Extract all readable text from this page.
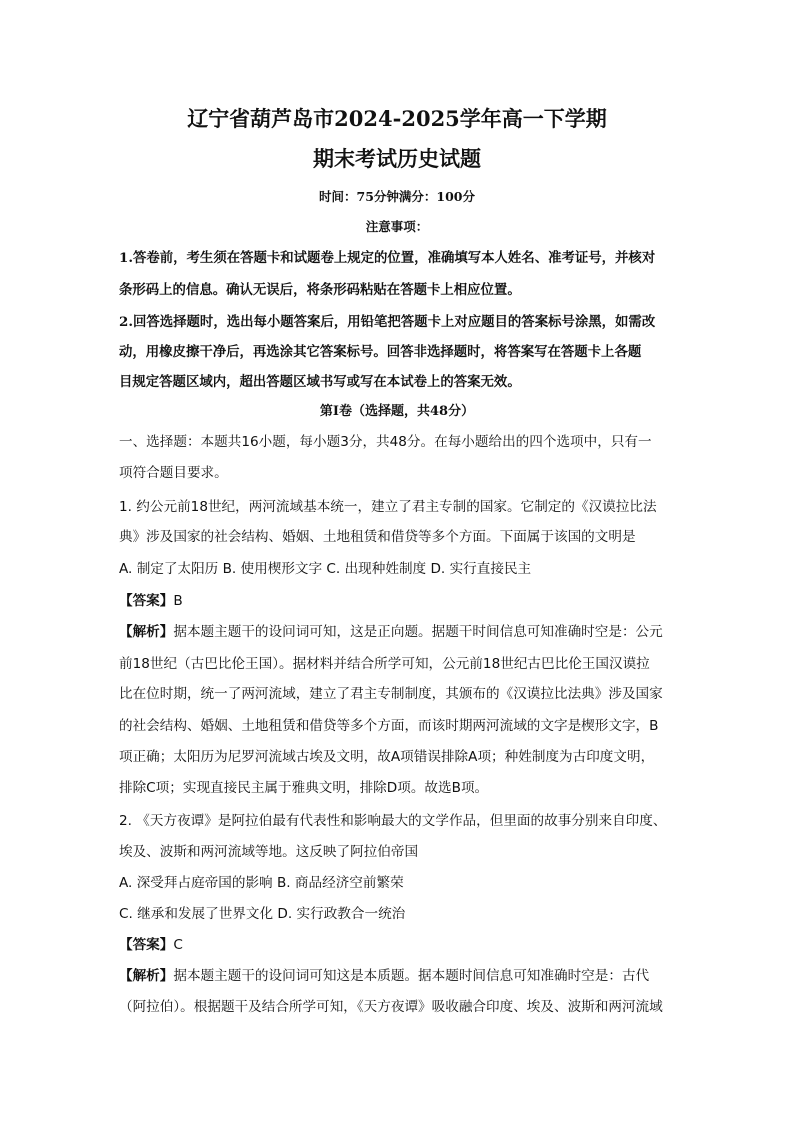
辽宁省葫芦岛市2024-2025学年高一下学期
期末考试历史试题
时间：75分钟满分：100分
注意事项：
1.答卷前，考生须在答题卡和试题卷上规定的位置，准确填写本人姓名、准考证号，并核对
条形码上的信息。确认无误后，将条形码粘贴在答题卡上相应位置。
2.回答选择题时，选出每小题答案后，用铅笔把答题卡上对应题目的答案标号涂黑，如需改
动，用橡皮擦干净后，再选涂其它答案标号。回答非选择题时，将答案写在答题卡上各题
目规定答题区域内，超出答题区域书写或写在本试卷上的答案无效。
第Ⅰ卷（选择题，共48分）
一、选择题：本题共16小题，每小题3分，共48分。在每小题给出的四个选项中，只有一
项符合题目要求。
1. 约公元前18世纪，两河流域基本统一，建立了君主专制的国家。它制定的《汉谟拉比法
典》涉及国家的社会结构、婚姻、土地租赁和借贷等多个方面。下面属于该国的文明是
A. 制定了太阳历 B. 使用楔形文字 C. 出现种姓制度 D. 实行直接民主
【答案】B
【解析】据本题主题干的设问词可知，这是正向题。据题干时间信息可知准确时空是：公元
前18世纪（古巴比伦王国）。据材料并结合所学可知，公元前18世纪古巴比伦王国汉谟拉
比在位时期，统一了两河流域，建立了君主专制制度，其颁布的《汉谟拉比法典》涉及国家
的社会结构、婚姻、土地租赁和借贷等多个方面，而该时期两河流域的文字是楔形文字，B
项正确；太阳历为尼罗河流域古埃及文明，故A项错误排除A项；种姓制度为古印度文明，
排除C项；实现直接民主属于雅典文明，排除D项。故选B项。
2. 《天方夜谭》是阿拉伯最有代表性和影响最大的文学作品，但里面的故事分别来自印度、
埃及、波斯和两河流域等地。这反映了阿拉伯帝国
A. 深受拜占庭帝国的影响 B. 商品经济空前繁荣
C. 继承和发展了世界文化 D. 实行政教合一统治
【答案】C
【解析】据本题主题干的设问词可知这是本质题。据本题时间信息可知准确时空是：古代
（阿拉伯）。根据题干及结合所学可知，《天方夜谭》吸收融合印度、埃及、波斯和两河流域
